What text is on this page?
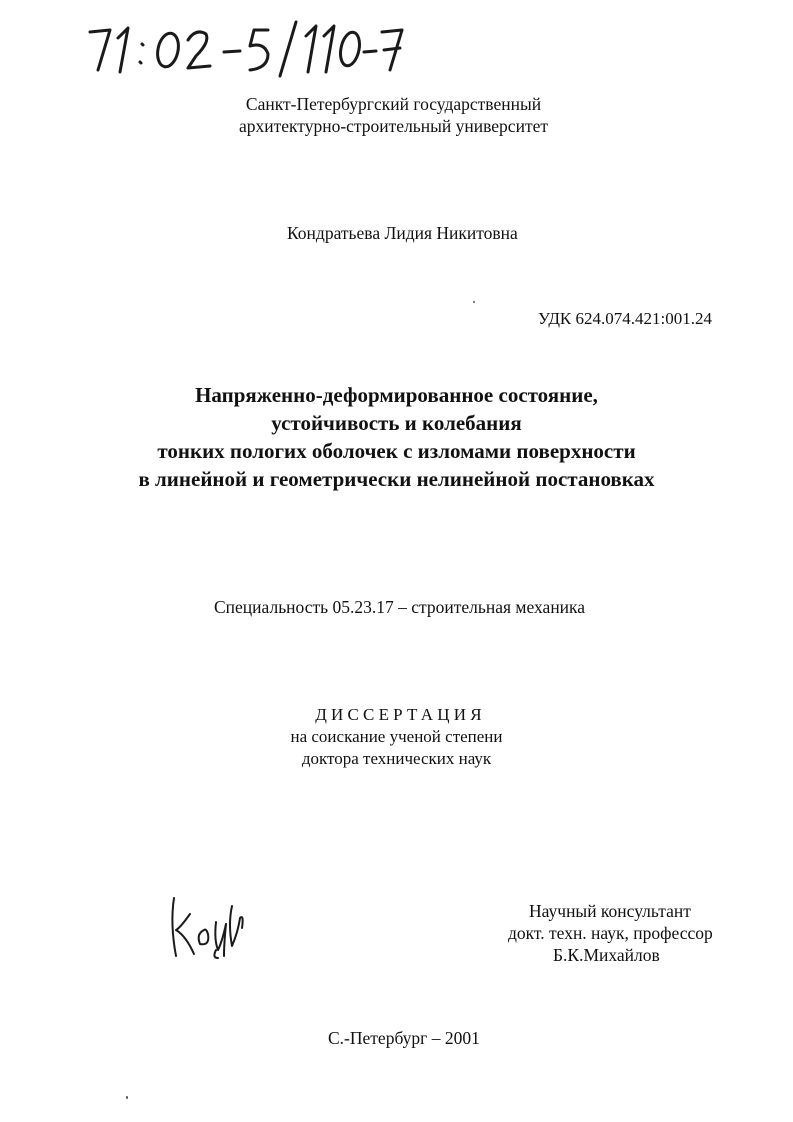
Санкт-Петербургский государственный
архитектурно-строительный университет
Кондратьева Лидия Никитовна
УДК 624.074.421:001.24
Напряженно-деформированное состояние,
устойчивость и колебания
тонких пологих оболочек с изломами поверхности
в линейной и геометрически нелинейной постановках
Специальность 05.23.17 – строительная механика
ДИССЕРТАЦИЯ
на соискание ученой степени
доктора технических наук
Научный консультант
докт. техн. наук, профессор
Б.К.Михайлов
С.-Петербург – 2001
